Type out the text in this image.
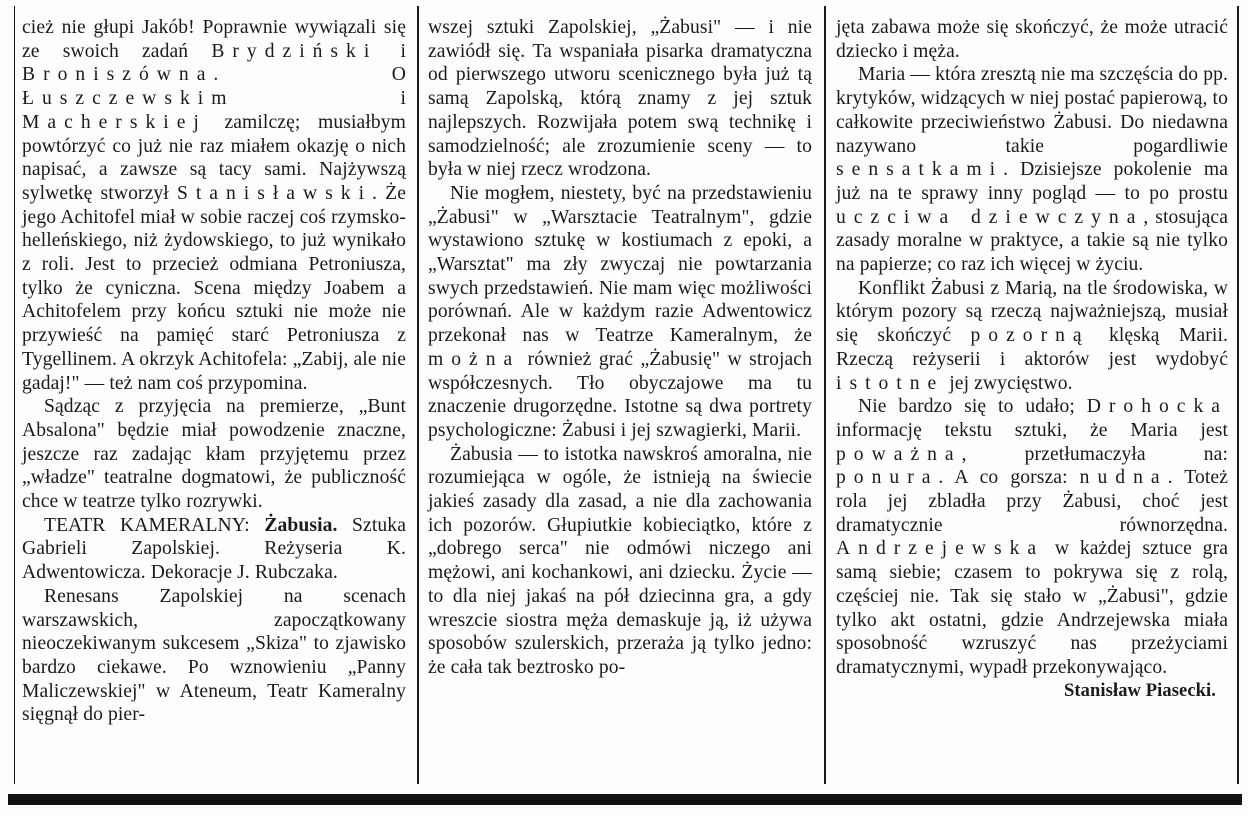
cież nie głupi Jakób! Poprawnie wywiązali się ze swoich zadań Brydziński i Broniszówna. O Łuszczewskim i Macherskiej zamilczę; musiałbym powtórzyć co już nie raz miałem okazję o nich napisać, a zawsze są tacy sami. Najżywszą sylwetkę stworzył Stanisławski. Że jego Achitofel miał w sobie raczej coś rzymsko-helleńskiego, niż żydowskiego, to już wynikało z roli. Jest to przecież odmiana Petroniusza, tylko że cyniczna. Scena między Joabem a Achitofelem przy końcu sztuki nie może nie przywieść na pamięć starć Petroniusza z Tygellinem. A okrzyk Achitofela: „Zabij, ale nie gadaj!" — też nam coś przypomina.

Sądząc z przyjęcia na premierze, „Bunt Absalona" będzie miał powodzenie znaczne, jeszcze raz zadając kłam przyjętemu przez „władze" teatralne dogmatowi, że publiczność chce w teatrze tylko rozrywki.

TEATR KAMERALNY: Żabusia. Sztuka Gabrieli Zapolskiej. Reżyseria K. Adwentowicza. Dekoracje J. Rubczaka.

Renesans Zapolskiej na scenach warszawskich, zapoczątkowany nieoczekiwanym sukcesem „Skiza" to zjawisko bardzo ciekawe. Po wznowieniu „Panny Maliczewskiej" w Ateneum, Teatr Kameralny sięgnął do pier-

wszej sztuki Zapolskiej, „Żabusi" — i nie zawiódł się. Ta wspaniała pisarka dramatyczna od pierwszego utworu scenicznego była już tą samą Zapolską, którą znamy z jej sztuk najlepszych. Rozwijała potem swą technikę i samodzielność; ale zrozumienie sceny — to była w niej rzecz wrodzona.

Nie mogłem, niestety, być na przedstawieniu „Żabusi" w „Warsztacie Teatralnym", gdzie wystawiono sztukę w kostiumach z epoki, a „Warsztat" ma zły zwyczaj nie powtarzania swych przedstawień. Nie mam więc możliwości porównań. Ale w każdym razie Adwentowicz przekonał nas w Teatrze Kameralnym, że można również grać „Żabusię" w strojach współczesnych. Tło obyczajowe ma tu znaczenie drugorzędne. Istotne są dwa portrety psychologiczne: Żabusi i jej szwagierki, Marii.

Żabusia — to istotka nawskroś amoralna, nie rozumiejąca w ogóle, że istnieją na świecie jakieś zasady dla zasad, a nie dla zachowania ich pozorów. Głupiutkie kobieciątko, które z „dobrego serca" nie odmówi niczego ani mężowi, ani kochankowi, ani dziecku. Życie — to dla niej jakaś na pół dziecinna gra, a gdy wreszcie siostra męża demaskuje ją, iż używa sposobów szulerskich, przeraża ją tylko jedno: że cała tak beztrosko po-

jęta zabawa może się skończyć, że może utracić dziecko i męża.

Maria — która zresztą nie ma szczęścia do pp. krytyków, widzących w niej postać papierową, to całkowite przeciwieństwo Żabusi. Do niedawna nazywano takie pogardliwie sensatkami. Dzisiejsze pokolenie ma już na te sprawy inny pogląd — to po prostu uczciwa dziewczyna, stosująca zasady moralne w praktyce, a takie są nie tylko na papierze; co raz ich więcej w życiu.

Konflikt Żabusi z Marią, na tle środowiska, w którym pozory są rzeczą najważniejszą, musiał się skończyć pozorną klęską Marii. Rzeczą reżyserii i aktorów jest wydobyć istotne jej zwycięstwo.

Nie bardzo się to udało; Drohocka informację tekstu sztuki, że Maria jest poważna, przetłumaczyła na: ponura. A co gorsza: nudna. Toteż rola jej zbladła przy Żabusi, choć jest dramatycznie równorzędna. Andrzejewska w każdej sztuce gra samą siebie; czasem to pokrywa się z rolą, częściej nie. Tak się stało w „Żabusi", gdzie tylko akt ostatni, gdzie Andrzejewska miała sposobność wzruszyć nas przeżyciami dramatycznymi, wypadł przekonywająco.

Stanisław Piasecki.
